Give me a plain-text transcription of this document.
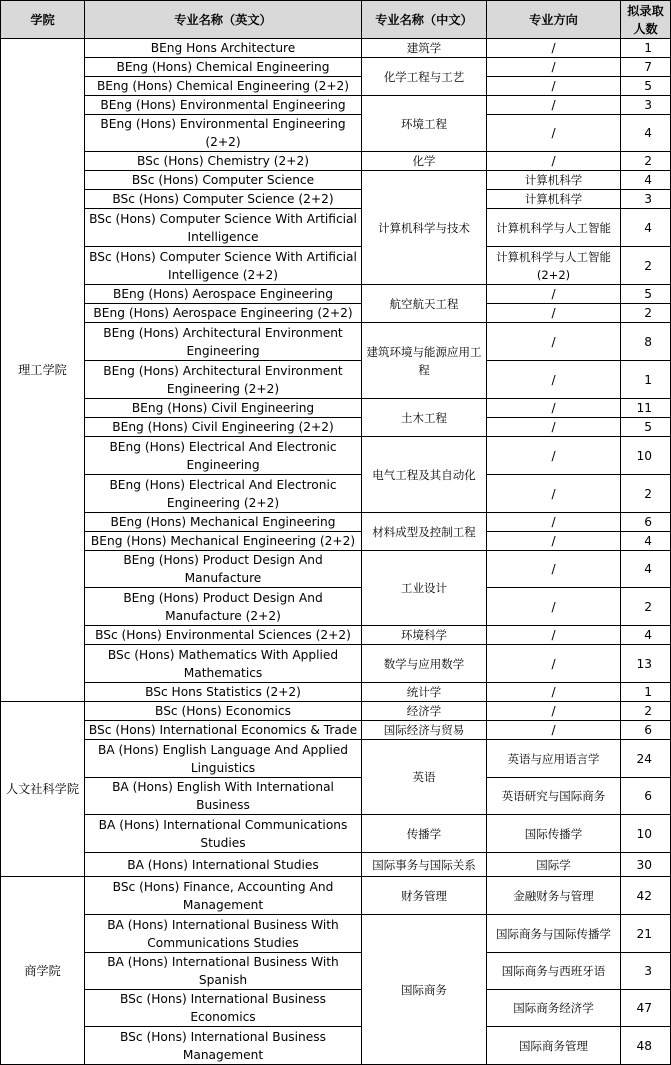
学院	专业名称（英文）	专业名称（中文）	专业方向	拟录取人数
理工学院	BEng Hons Architecture	建筑学	/	1
	BEng (Hons) Chemical Engineering	化学工程与工艺	/	7
	BEng (Hons) Chemical Engineering (2+2)		/	5
	BEng (Hons) Environmental Engineering	环境工程	/	3
	BEng (Hons) Environmental Engineering (2+2)		/	4
	BSc (Hons) Chemistry (2+2)	化学	/	2
	BSc (Hons) Computer Science	计算机科学与技术	计算机科学	4
	BSc (Hons) Computer Science (2+2)		计算机科学	3
	BSc (Hons) Computer Science With Artificial Intelligence		计算机科学与人工智能	4
	BSc (Hons) Computer Science With Artificial Intelligence (2+2)		计算机科学与人工智能(2+2)	2
	BEng (Hons) Aerospace Engineering	航空航天工程	/	5
	BEng (Hons) Aerospace Engineering (2+2)		/	2
	BEng (Hons) Architectural Environment Engineering	建筑环境与能源应用工程	/	8
	BEng (Hons) Architectural Environment Engineering (2+2)		/	1
	BEng (Hons) Civil Engineering	土木工程	/	11
	BEng (Hons) Civil Engineering (2+2)		/	5
	BEng (Hons) Electrical And Electronic Engineering	电气工程及其自动化	/	10
	BEng (Hons) Electrical And Electronic Engineering (2+2)		/	2
	BEng (Hons) Mechanical Engineering	材料成型及控制工程	/	6
	BEng (Hons) Mechanical Engineering (2+2)		/	4
	BEng (Hons) Product Design And Manufacture	工业设计	/	4
	BEng (Hons) Product Design And Manufacture (2+2)		/	2
	BSc (Hons) Environmental Sciences (2+2)	环境科学	/	4
	BSc (Hons) Mathematics With Applied Mathematics	数学与应用数学	/	13
	BSc Hons Statistics (2+2)	统计学	/	1
人文社科学院	BSc (Hons) Economics	经济学	/	2
	BSc (Hons) International Economics & Trade	国际经济与贸易	/	6
	BA (Hons) English Language And Applied Linguistics	英语	英语与应用语言学	24
	BA (Hons) English With International Business		英语研究与国际商务	6
	BA (Hons) International Communications Studies	传播学	国际传播学	10
	BA (Hons) International Studies	国际事务与国际关系	国际学	30
商学院	BSc (Hons) Finance, Accounting And Management	财务管理	金融财务与管理	42
	BA (Hons) International Business With Communications Studies	国际商务	国际商务与国际传播学	21
	BA (Hons) International Business With Spanish		国际商务与西班牙语	3
	BSc (Hons) International Business Economics		国际商务经济学	47
	BSc (Hons) International Business Management		国际商务管理	48
